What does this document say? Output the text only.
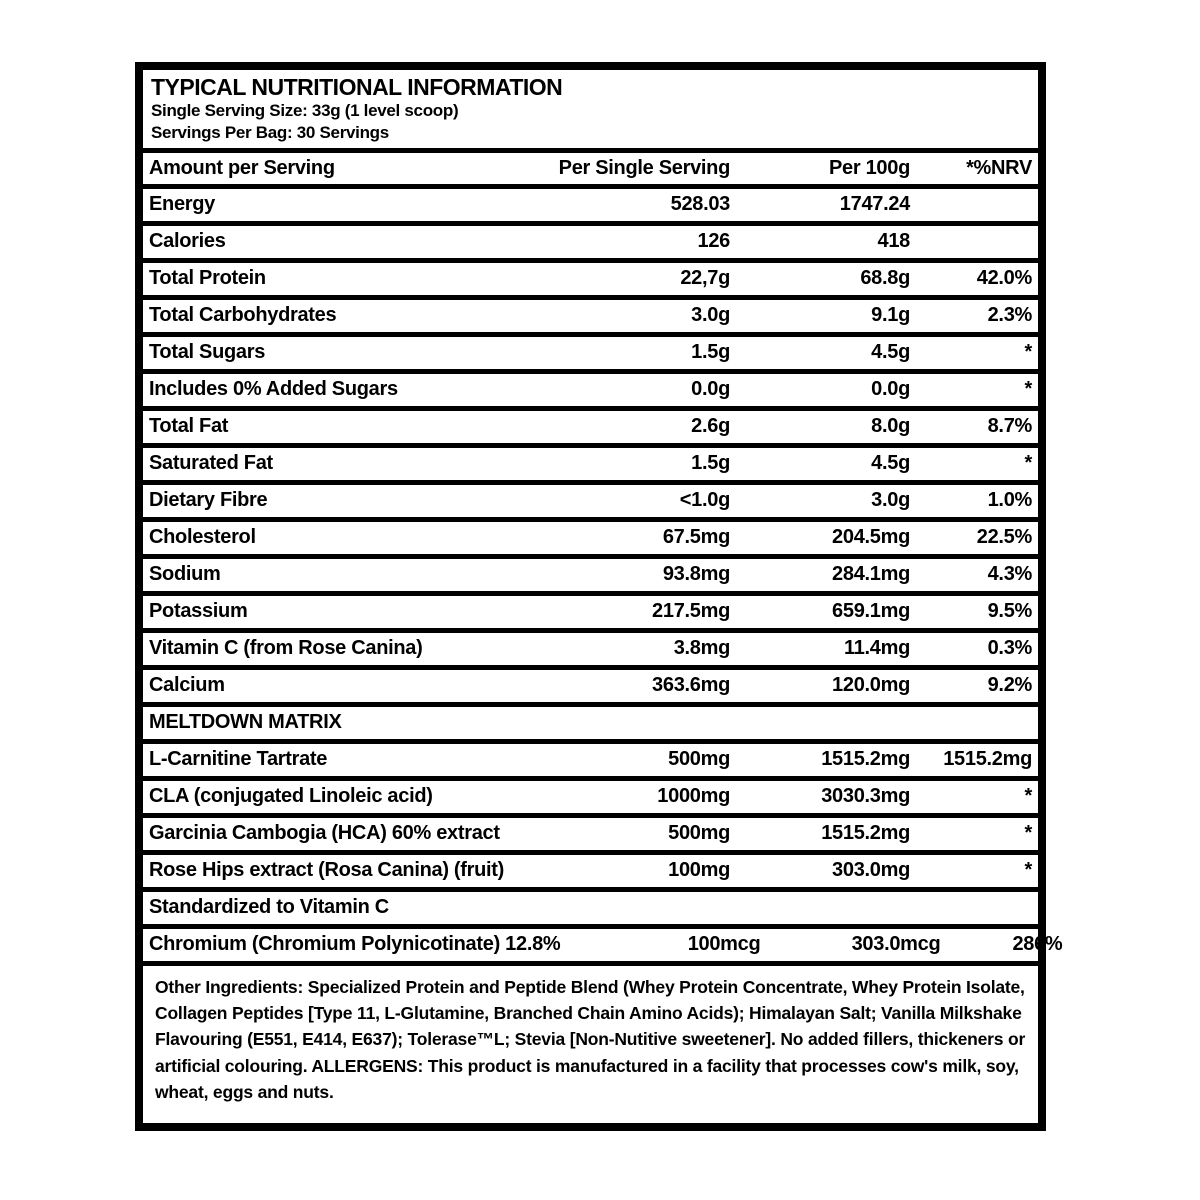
TYPICAL NUTRITIONAL INFORMATION
Single Serving Size: 33g (1 level scoop)
Servings Per Bag: 30 Servings
Amount per Serving	Per Single Serving	Per 100g	*%NRV
Energy	528.03	1747.24
Calories	126	418
Total Protein	22,7g	68.8g	42.0%
Total Carbohydrates	3.0g	9.1g	2.3%
Total Sugars	1.5g	4.5g	*
Includes 0% Added Sugars	0.0g	0.0g	*
Total Fat	2.6g	8.0g	8.7%
Saturated Fat	1.5g	4.5g	*
Dietary Fibre	<1.0g	3.0g	1.0%
Cholesterol	67.5mg	204.5mg	22.5%
Sodium	93.8mg	284.1mg	4.3%
Potassium	217.5mg	659.1mg	9.5%
Vitamin C (from Rose Canina)	3.8mg	11.4mg	0.3%
Calcium	363.6mg	120.0mg	9.2%
MELTDOWN MATRIX
L-Carnitine Tartrate	500mg	1515.2mg	1515.2mg
CLA (conjugated Linoleic acid)	1000mg	3030.3mg	*
Garcinia Cambogia (HCA) 60% extract	500mg	1515.2mg	*
Rose Hips extract (Rosa Canina) (fruit)	100mg	303.0mg	*
Standardized to Vitamin C
Chromium (Chromium Polynicotinate) 12.8%	100mcg	303.0mcg	286%

Other Ingredients: Specialized Protein and Peptide Blend (Whey Protein Concentrate, Whey Protein Isolate, Collagen Peptides [Type 11, L-Glutamine, Branched Chain Amino Acids); Himalayan Salt; Vanilla Milkshake Flavouring (E551, E414, E637); Tolerase™L; Stevia [Non-Nutitive sweetener]. No added fillers, thickeners or artificial colouring. ALLERGENS: This product is manufactured in a facility that processes cow's milk, soy, wheat, eggs and nuts.
